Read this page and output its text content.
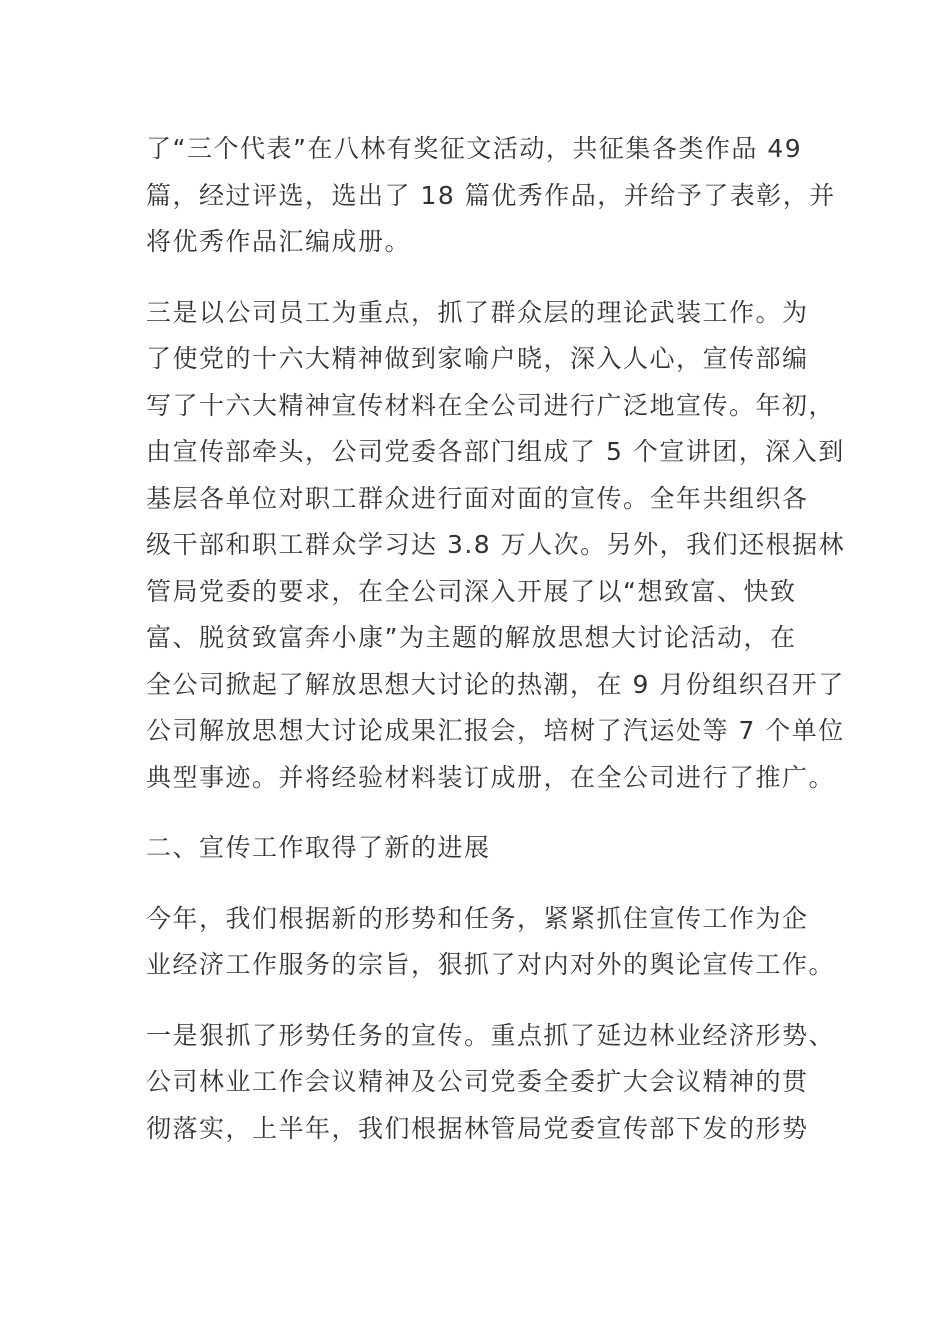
了“三个代表”在八林有奖征文活动，共征集各类作品 49
篇，经过评选，选出了 18 篇优秀作品，并给予了表彰，并
将优秀作品汇编成册。

三是以公司员工为重点，抓了群众层的理论武装工作。为
了使党的十六大精神做到家喻户晓，深入人心，宣传部编
写了十六大精神宣传材料在全公司进行广泛地宣传。年初，
由宣传部牵头，公司党委各部门组成了 5 个宣讲团，深入到
基层各单位对职工群众进行面对面的宣传。全年共组织各
级干部和职工群众学习达 3.8 万人次。另外，我们还根据林
管局党委的要求，在全公司深入开展了以“想致富、快致
富、脱贫致富奔小康”为主题的解放思想大讨论活动，在
全公司掀起了解放思想大讨论的热潮，在 9 月份组织召开了
公司解放思想大讨论成果汇报会，培树了汽运处等 7 个单位
典型事迹。并将经验材料装订成册，在全公司进行了推广。

二、宣传工作取得了新的进展

今年，我们根据新的形势和任务，紧紧抓住宣传工作为企
业经济工作服务的宗旨，狠抓了对内对外的舆论宣传工作。

一是狠抓了形势任务的宣传。重点抓了延边林业经济形势、
公司林业工作会议精神及公司党委全委扩大会议精神的贯
彻落实，上半年，我们根据林管局党委宣传部下发的形势
